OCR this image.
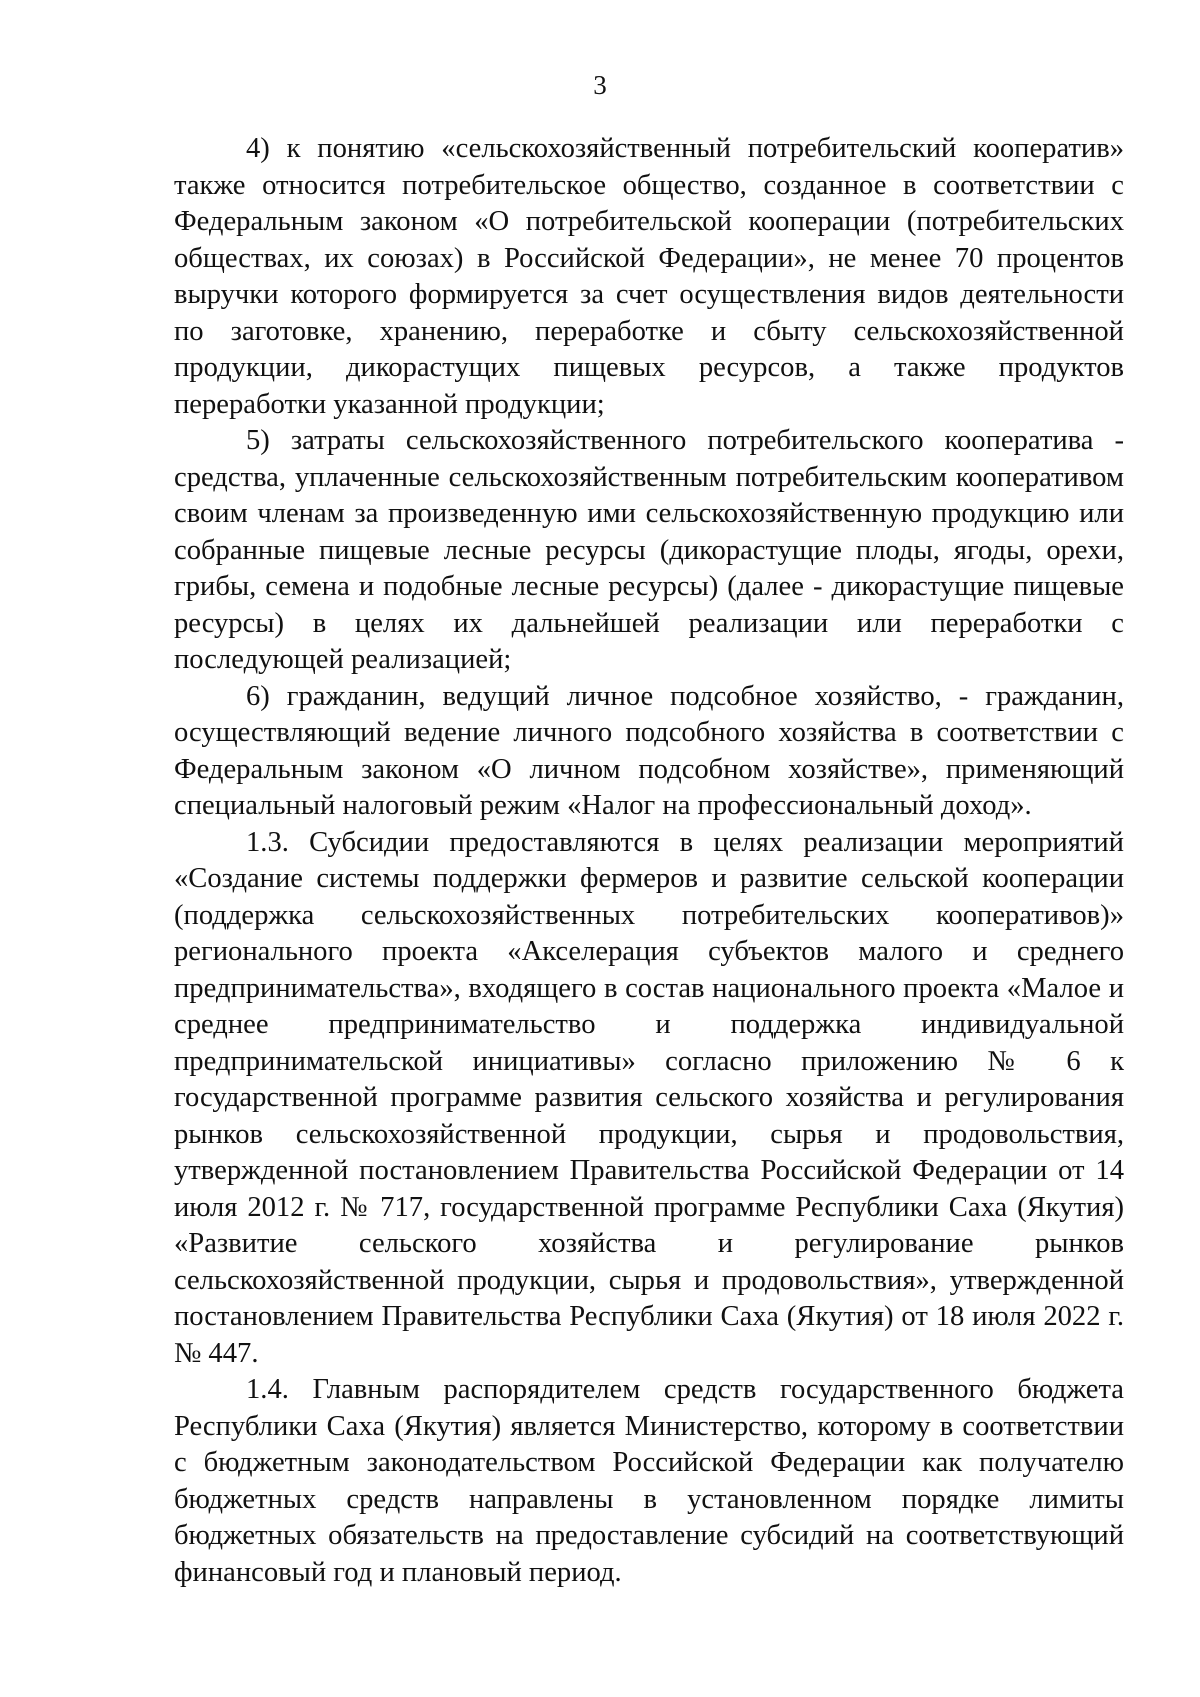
3

4) к понятию «сельскохозяйственный потребительский кооператив» также относится потребительское общество, созданное в соответствии с Федеральным законом «О потребительской кооперации (потребительских обществах, их союзах) в Российской Федерации», не менее 70 процентов выручки которого формируется за счет осуществления видов деятельности по заготовке, хранению, переработке и сбыту сельскохозяйственной продукции, дикорастущих пищевых ресурсов, а также продуктов переработки указанной продукции;

5) затраты сельскохозяйственного потребительского кооператива - средства, уплаченные сельскохозяйственным потребительским кооперативом своим членам за произведенную ими сельскохозяйственную продукцию или собранные пищевые лесные ресурсы (дикорастущие плоды, ягоды, орехи, грибы, семена и подобные лесные ресурсы) (далее - дикорастущие пищевые ресурсы) в целях их дальнейшей реализации или переработки с последующей реализацией;

6) гражданин, ведущий личное подсобное хозяйство, - гражданин, осуществляющий ведение личного подсобного хозяйства в соответствии с Федеральным законом «О личном подсобном хозяйстве», применяющий специальный налоговый режим «Налог на профессиональный доход».

1.3. Субсидии предоставляются в целях реализации мероприятий «Создание системы поддержки фермеров и развитие сельской кооперации (поддержка сельскохозяйственных потребительских кооперативов)» регионального проекта «Акселерация субъектов малого и среднего предпринимательства», входящего в состав национального проекта «Малое и среднее предпринимательство и поддержка индивидуальной предпринимательской инициативы» согласно приложению № 6 к государственной программе развития сельского хозяйства и регулирования рынков сельскохозяйственной продукции, сырья и продовольствия, утвержденной постановлением Правительства Российской Федерации от 14 июля 2012 г. № 717, государственной программе Республики Саха (Якутия) «Развитие сельского хозяйства и регулирование рынков сельскохозяйственной продукции, сырья и продовольствия», утвержденной постановлением Правительства Республики Саха (Якутия) от 18 июля 2022 г. № 447.

1.4. Главным распорядителем средств государственного бюджета Республики Саха (Якутия) является Министерство, которому в соответствии с бюджетным законодательством Российской Федерации как получателю бюджетных средств направлены в установленном порядке лимиты бюджетных обязательств на предоставление субсидий на соответствующий финансовый год и плановый период.
